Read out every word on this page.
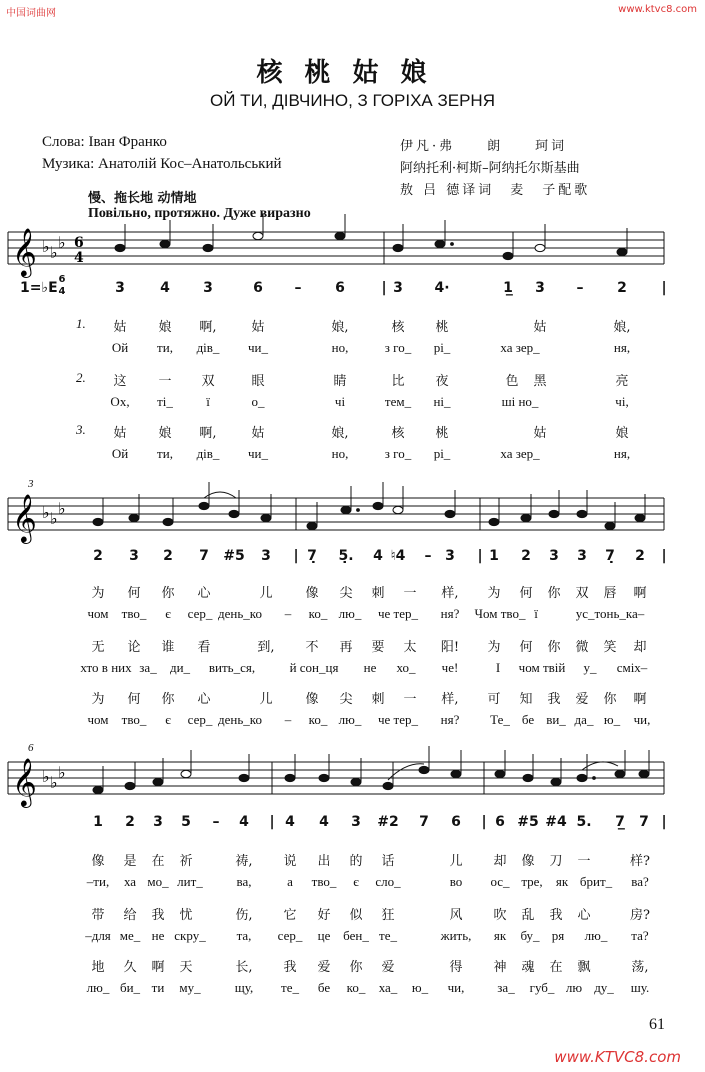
中国词曲网	www.ktvc8.com
www.KTVC8.com
核桃姑娘
ОЙ ТИ, ДІВЧИНО, З ГОРІХА ЗЕРНЯ
Слова: Іван Франко
Музика: Анатолій Кос–Анатольський
伊凡·弗　　朗　　珂词
阿纳托利·柯斯–阿纳托尔斯基曲
敖 吕 德译词　麦　子配歌
慢、拖长地 动情地
Повільно, протяжно. Дуже виразно
𝄞 ♭ ♭
♭ 6
4
1=♭E
6
4	3	4 3	6 – 6	| 3 4·	1̲ 3 – 2 |
1. 姑 娘 啊,	姑	娘,	核 桃	姑	娘,
Ой ти, дів_ чи_	но,	з го_ рі_	ха зер_	ня,
2. 这 一 双	眼	睛	比 夜	色 黑	亮
Ох, ті_	ї	о_	чі	тем_ ні_	ші но_	чі,
3. 姑 娘 啊,	姑	娘,	核 桃	姑	娘
Ой ти, дів_ чи_	но,	з го_ рі_	ха зер_	ня,
3
𝄞 ♭ ♭
♭
2 3 2 7 #5 3 | 7̣ 5̣. 4 ♮4 – 3 | 1 2 3 3 7̣ 2 |
为 何 你 心	儿	像 尖 刺 一 样, 为 何 你 双 唇 啊
чом тво_ є сер_ день_ко – ко_ лю_ че тер_ ня? Чом тво_ ї	ус_тонь_ка–
无 论 谁 看	到, 不 再 要 太 阳! 为 何 你 微 笑 却
хто в них за_ ди_ вить_ся,	й сон_ця не хо_ че!	І чом твій у_ сміх–
为 何 你 心	儿	像 尖 刺 一 样, 可 知 我 爱 你 啊
чом тво_ є сер_ день_ко – ко_ лю_ че тер_ ня? Те_ бе ви_ да_ ю_ чи,
6
𝄞 ♭ ♭
♭
1 2 3 5 – 4 | 4 4 3 #2 7 6 | 6 #5 #4 5. 7̲ 7 |
像 是 在 祈	祷, 说 出 的 话	儿 却 像 刀 一	样?
–ти, ха мо_ лит_	ва,	а тво_ є сло_	во ос_ тре, як брит_ ва?
带 给 我 忧	伤, 它 好 似 狂	风 吹 乱 我 心	房?
–для ме_ не скру_ та, сер_ це бен_ те_	жить, як бу_ ря лю_ та?
地 久 啊 天	长, 我 爱 你 爱	得 神 魂 在 飘	荡,
лю_ би_ ти му_	щу, те_ бе ко_ ха_ ю_ чи,	за_ губ_ лю ду_ шу.
61
